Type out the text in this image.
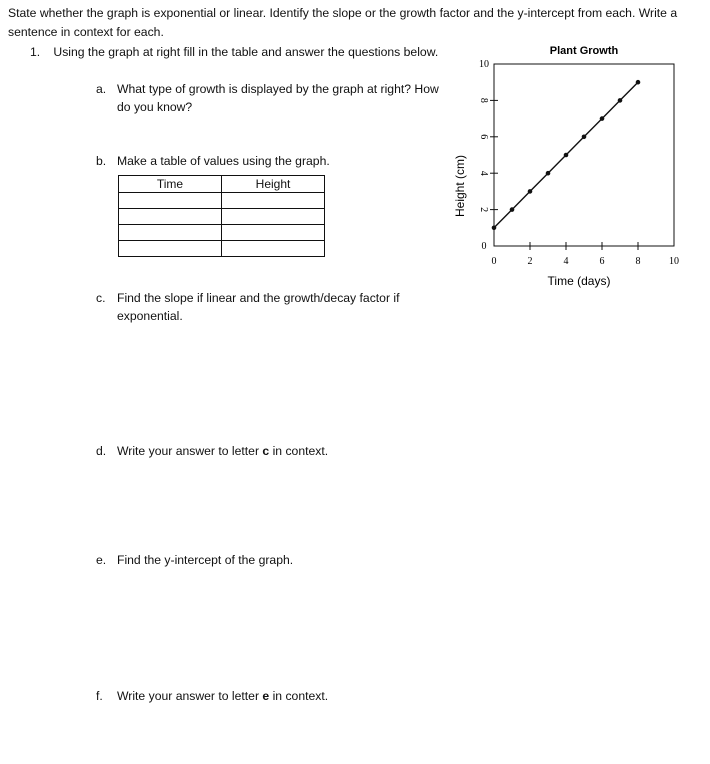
State whether the graph is exponential or linear. Identify the slope or the growth factor and the y-intercept from each. Write a sentence in context for each.
1. Using the graph at right fill in the table and answer the questions below.
a. What type of growth is displayed by the graph at right? How do you know?
b. Make a table of values using the graph.
Time	Height

c. Find the slope if linear and the growth/decay factor if exponential.
d. Write your answer to letter c in context.
e. Find the y-intercept of the graph.
f. Write your answer to letter e in context.
Plant Growth
Height (cm)
Time (days)
0	2	4	6	8	10
0
2
4
6
8
10
